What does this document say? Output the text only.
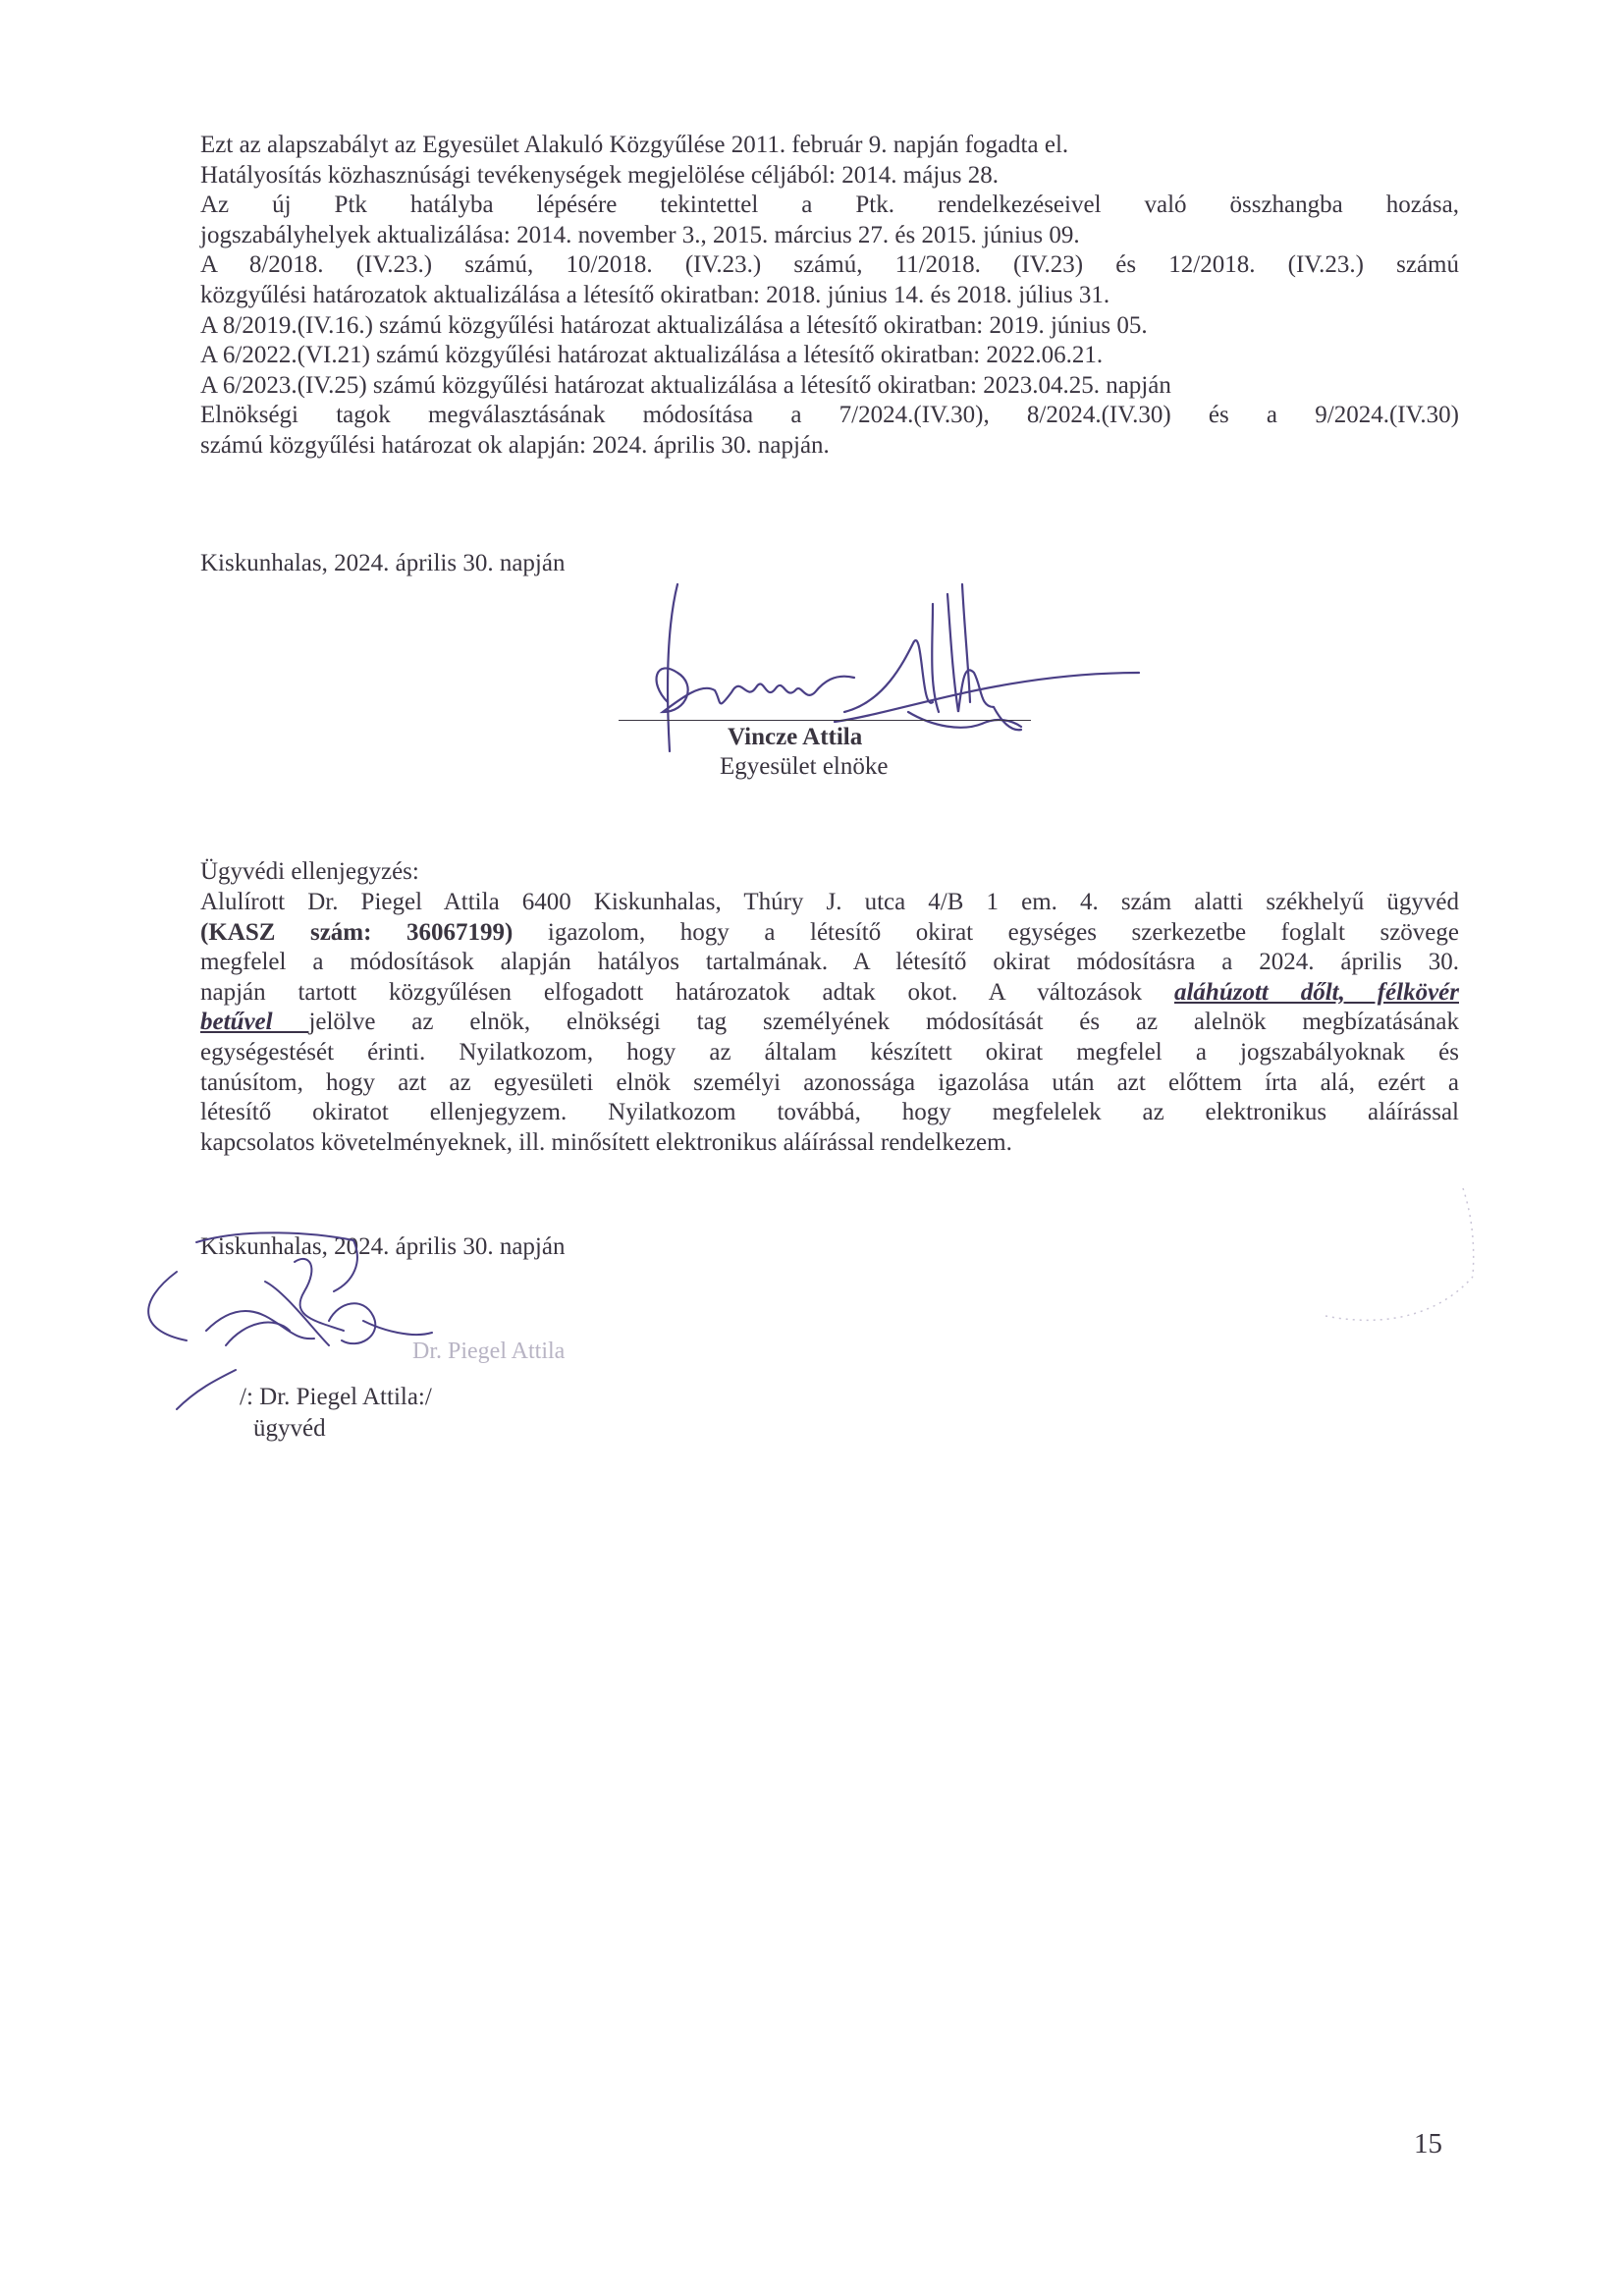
Ezt az alapszabályt az Egyesület Alakuló Közgyűlése 2011. február 9. napján fogadta el.
Hatályosítás közhasznúsági tevékenységek megjelölése céljából: 2014. május 28.
Az új Ptk hatályba lépésére tekintettel a Ptk. rendelkezéseivel való összhangba hozása,
jogszabályhelyek aktualizálása: 2014. november 3., 2015. március 27. és 2015. június 09.
A 8/2018. (IV.23.) számú, 10/2018. (IV.23.) számú, 11/2018. (IV.23) és 12/2018. (IV.23.) számú
közgyűlési határozatok aktualizálása a létesítő okiratban: 2018. június 14. és 2018. július 31.
A 8/2019.(IV.16.) számú közgyűlési határozat aktualizálása a létesítő okiratban: 2019. június 05.
A 6/2022.(VI.21) számú közgyűlési határozat aktualizálása a létesítő okiratban: 2022.06.21.
A 6/2023.(IV.25) számú közgyűlési határozat aktualizálása a létesítő okiratban: 2023.04.25. napján
Elnökségi tagok megválasztásának módosítása a 7/2024.(IV.30), 8/2024.(IV.30) és a 9/2024.(IV.30)
számú közgyűlési határozat ok alapján: 2024. április 30. napján.
Kiskunhalas, 2024. április 30. napján
Vincze Attila
Egyesület elnöke
Ügyvédi ellenjegyzés:
Alulírott Dr. Piegel Attila 6400 Kiskunhalas, Thúry J. utca 4/B 1 em. 4. szám alatti székhelyű ügyvéd
(KASZ szám: 36067199) igazolom, hogy a létesítő okirat egységes szerkezetbe foglalt szövege
megfelel a módosítások alapján hatályos tartalmának. A létesítő okirat módosításra a 2024. április 30.
napján tartott közgyűlésen elfogadott határozatok adtak okot. A változások aláhúzott dőlt, félkövér
betűvel jelölve az elnök, elnökségi tag személyének módosítását és az alelnök megbízatásának
egységestését érinti. Nyilatkozom, hogy az általam készített okirat megfelel a jogszabályoknak és
tanúsítom, hogy azt az egyesületi elnök személyi azonossága igazolása után azt előttem írta alá, ezért a
létesítő okiratot ellenjegyzem. Nyilatkozom továbbá, hogy megfelelek az elektronikus aláírással
kapcsolatos követelményeknek, ill. minősített elektronikus aláírással rendelkezem.
Kiskunhalas, 2024. április 30. napján
Dr. Piegel Attila
/: Dr. Piegel Attila:/
ügyvéd
15
